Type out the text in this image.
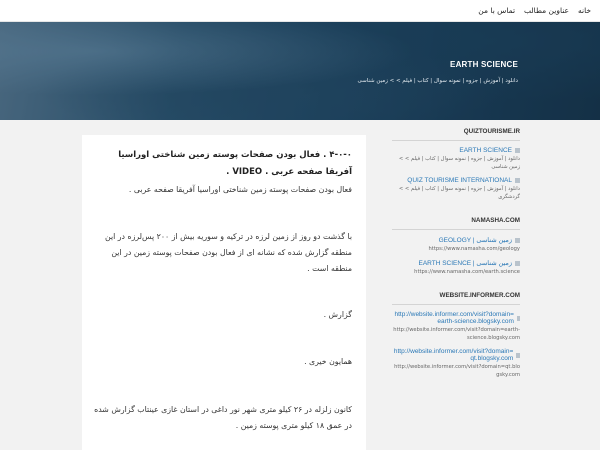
خانه
عناوین مطالب
تماس با من
EARTH SCIENCE
دانلود | آموزش | جزوه | نمونه سوال | کتاب | فیلم > > زمین شناسی
۴-۰-۰ . فعال بودن صفحات پوسته زمین شناختی اوراسیا آفریقا صفحه عربی . VIDEO .
فعال بودن صفحات پوسته زمین شناختی اوراسیا آفریقا صفحه عربی .
با گذشت دو روز از زمین لرزه در ترکیه و سوریه بیش از ۲۰۰ پس‌لرزه در این منطقه گزارش شده که نشانه ای از فعال بودن صفحات پوسته زمین در این منطقه است .
گزارش .
همایون خیری .
کانون زلزله در ۲۶ کیلو متری شهر نور داغی در استان غازی عینتاب گزارش شده در عمق ۱۸ کیلو متری پوسته زمین .
QUIZTOURISME.IR
EARTH SCIENCE
دانلود | آموزش | جزوه | نمونه سوال | کتاب | فیلم > > زمین شناسی
QUIZ TOURISME INTERNATIONAL
دانلود | آموزش | جزوه | نمونه سوال | کتاب | فیلم > > گردشگری
NAMASHA.COM
زمین شناسی | GEOLOGY
https://www.namasha.com/geology
زمین شناسی | EARTH SCIENCE
https://www.namasha.com/earth.science
WEBSITE.INFORMER.COM
http://website.informer.com/visit?domain=earth-science.blogsky.com
http://website.informer.com/visit?domain=earth-science.blogsky.com
http://website.informer.com/visit?domain=qt.blogsky.com
http://website.informer.com/visit?domain=qt.blogsky.com
